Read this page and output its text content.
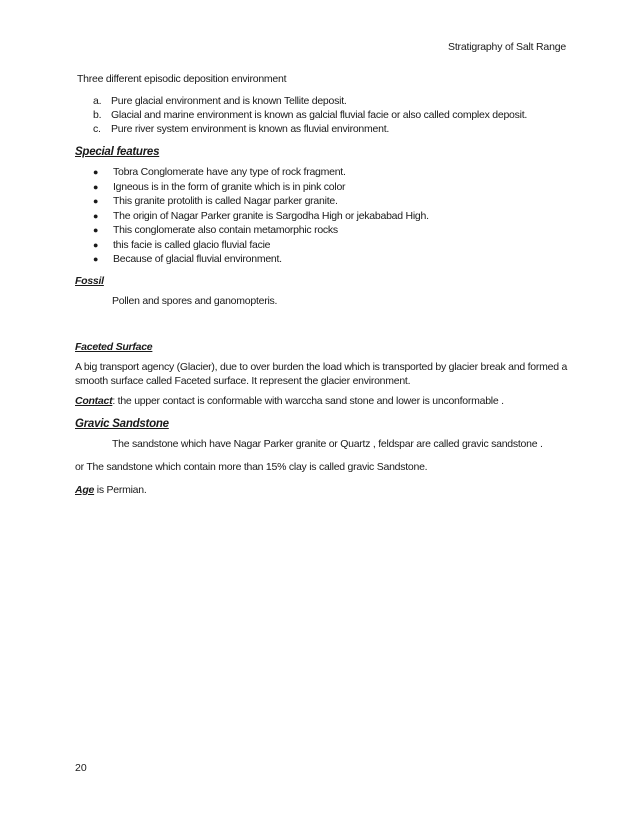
Stratigraphy of Salt Range

Three different episodic deposition environment

a. Pure glacial environment and is known Tellite deposit.
b. Glacial and marine environment is known as galcial fluvial facie or also called complex deposit.
c. Pure river system environment is known as fluvial environment.
Special features
●	Tobra Conglomerate have any type of rock fragment.
●	Igneous is in the form of granite which is in pink color
●	This granite protolith is called Nagar parker granite.
●	The origin of Nagar Parker granite is Sargodha High or jekababad High.
●	This conglomerate also contain metamorphic rocks
●	this facie is called glacio fluvial facie
●	Because of glacial fluvial environment.
Fossil

Pollen and spores and ganomopteris.

Faceted Surface

A big transport agency (Glacier), due to over burden the load which is transported by glacier break and formed a smooth surface called Faceted surface. It represent the glacier environment.

Contact: the upper contact is conformable with warccha sand stone and lower is unconformable .

Gravic Sandstone

The sandstone which have Nagar Parker granite or Quartz , feldspar are called gravic sandstone .

or The sandstone which contain more than 15% clay is called gravic Sandstone.

Age is Permian.

20
